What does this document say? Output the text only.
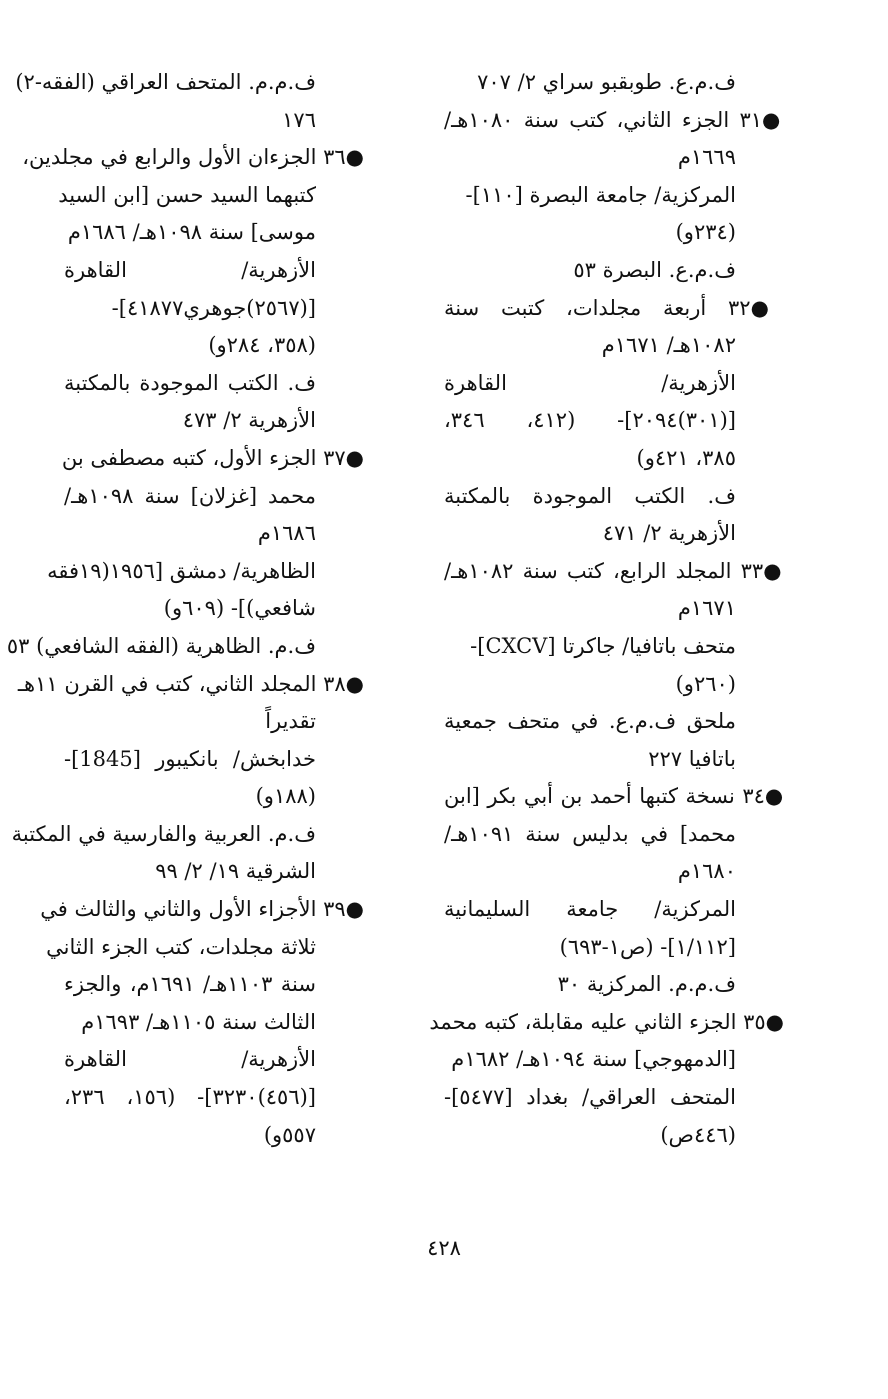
ف.م.ع. طوبقبو سراي ٢/ ٧٠٧
●٣١ الجزء الثاني، كتب سنة ١٠٨٠هـ/
١٦٦٩م
المركزية/ جامعة البصرة [١١٠]-
(٢٣٤و)
ف.م.ع. البصرة ٥٣
●٣٢ أربعة مجلدات، كتبت سنة
١٠٨٢هـ/ ١٦٧١م
الأزهرية/ القاهرة
[(٣٠١)٢٠٩٤]- (٤١٢، ٣٤٦،
٣٨٥، ٤٢١و)
ف. الكتب الموجودة بالمكتبة
الأزهرية ٢/ ٤٧١
●٣٣ المجلد الرابع، كتب سنة ١٠٨٢هـ/
١٦٧١م
متحف باتافيا/ جاكرتا [CXCV]-
(٢٦٠و)
ملحق ف.م.ع. في متحف جمعية
باتافيا ٢٢٧
●٣٤ نسخة كتبها أحمد بن أبي بكر [ابن
محمد] في بدليس سنة ١٠٩١هـ/
١٦٨٠م
المركزية/ جامعة السليمانية
[١/١١٢]- (ص١-٦٩٣)
ف.م.م. المركزية ٣٠
●٣٥ الجزء الثاني عليه مقابلة، كتبه محمد
[الدمهوجي] سنة ١٠٩٤هـ/ ١٦٨٢م
المتحف العراقي/ بغداد [٥٤٧٧]-
(٤٤٦ص)
ف.م.م. المتحف العراقي (الفقه-٢)
١٧٦
●٣٦ الجزءان الأول والرابع في مجلدين،
كتبهما السيد حسن [ابن السيد
موسى] سنة ١٠٩٨هـ/ ١٦٨٦م
الأزهرية/ القاهرة
[(٢٥٦٧)جوهري٤١٨٧٧]-
(٣٥٨، ٢٨٤و)
ف. الكتب الموجودة بالمكتبة
الأزهرية ٢/ ٤٧٣
●٣٧ الجزء الأول، كتبه مصطفى بن
محمد [غزلان] سنة ١٠٩٨هـ/
١٦٨٦م
الظاهرية/ دمشق [١٩٥٦(١٩فقه
شافعي)]- (٦٠٩و)
ف.م. الظاهرية (الفقه الشافعي) ٥٣
●٣٨ المجلد الثاني، كتب في القرن ١١هـ
تقديراً
خدابخش/ بانكيبور [1845]-
(١٨٨و)
ف.م. العربية والفارسية في المكتبة
الشرقية ١٩/ ٢/ ٩٩
●٣٩ الأجزاء الأول والثاني والثالث في
ثلاثة مجلدات، كتب الجزء الثاني
سنة ١١٠٣هـ/ ١٦٩١م، والجزء
الثالث سنة ١١٠٥هـ/ ١٦٩٣م
الأزهرية/ القاهرة
[(٤٥٦)٣٢٣٠]- (١٥٦، ٢٣٦،
٥٥٧و)
٤٢٨
